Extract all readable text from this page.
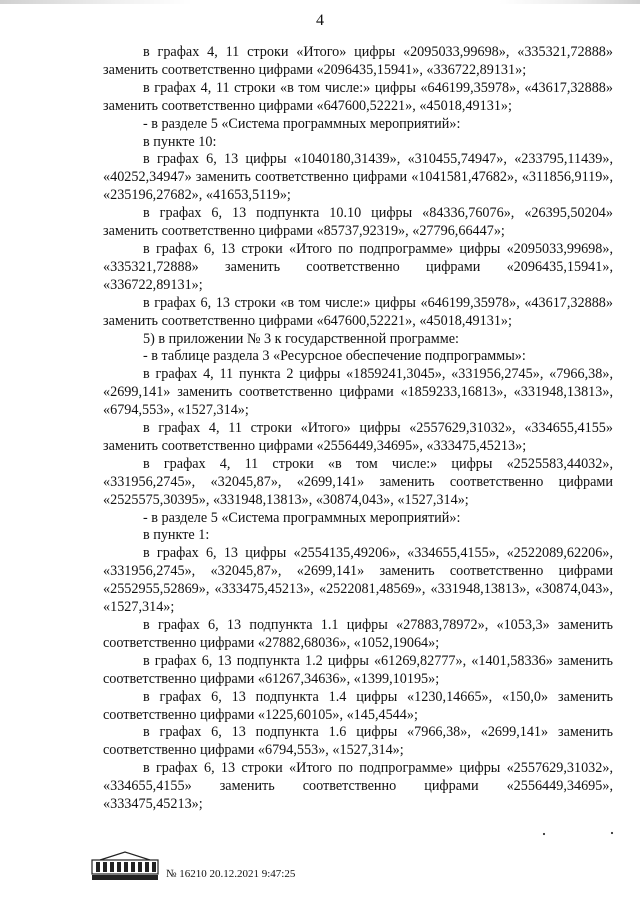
4

в графах 4, 11 строки «Итого» цифры «2095033,99698», «335321,72888» заменить соответственно цифрами «2096435,15941», «336722,89131»;

в графах 4, 11 строки «в том числе:» цифры «646199,35978», «43617,32888» заменить соответственно цифрами «647600,52221», «45018,49131»;

- в разделе 5 «Система программных мероприятий»:

в пункте 10:

в графах 6, 13 цифры «1040180,31439», «310455,74947», «233795,11439», «40252,34947» заменить соответственно цифрами «1041581,47682», «311856,9119», «235196,27682», «41653,5119»;

в графах 6, 13 подпункта 10.10 цифры «84336,76076», «26395,50204» заменить соответственно цифрами «85737,92319», «27796,66447»;

в графах 6, 13 строки «Итого по подпрограмме» цифры «2095033,99698», «335321,72888» заменить соответственно цифрами «2096435,15941», «336722,89131»;

в графах 6, 13 строки «в том числе:» цифры «646199,35978», «43617,32888» заменить соответственно цифрами «647600,52221», «45018,49131»;

5) в приложении № 3 к государственной программе:

- в таблице раздела 3 «Ресурсное обеспечение подпрограммы»:

в графах 4, 11 пункта 2 цифры «1859241,3045», «331956,2745», «7966,38», «2699,141» заменить соответственно цифрами «1859233,16813», «331948,13813», «6794,553», «1527,314»;

в графах 4, 11 строки «Итого» цифры «2557629,31032», «334655,4155» заменить соответственно цифрами «2556449,34695», «333475,45213»;

в графах 4, 11 строки «в том числе:» цифры «2525583,44032», «331956,2745», «32045,87», «2699,141» заменить соответственно цифрами «2525575,30395», «331948,13813», «30874,043», «1527,314»;

- в разделе 5 «Система программных мероприятий»:

в пункте 1:

в графах 6, 13 цифры «2554135,49206», «334655,4155», «2522089,62206», «331956,2745», «32045,87», «2699,141» заменить соответственно цифрами «2552955,52869», «333475,45213», «2522081,48569», «331948,13813», «30874,043», «1527,314»;

в графах 6, 13 подпункта 1.1 цифры «27883,78972», «1053,3» заменить соответственно цифрами «27882,68036», «1052,19064»;

в графах 6, 13 подпункта 1.2 цифры «61269,82777», «1401,58336» заменить соответственно цифрами «61267,34636», «1399,10195»;

в графах 6, 13 подпункта 1.4 цифры «1230,14665», «150,0» заменить соответственно цифрами «1225,60105», «145,4544»;

в графах 6, 13 подпункта 1.6 цифры «7966,38», «2699,141» заменить соответственно цифрами «6794,553», «1527,314»;

в графах 6, 13 строки «Итого по подпрограмме» цифры «2557629,31032», «334655,4155» заменить соответственно цифрами «2556449,34695», «333475,45213»;

№ 16210 20.12.2021 9:47:25
